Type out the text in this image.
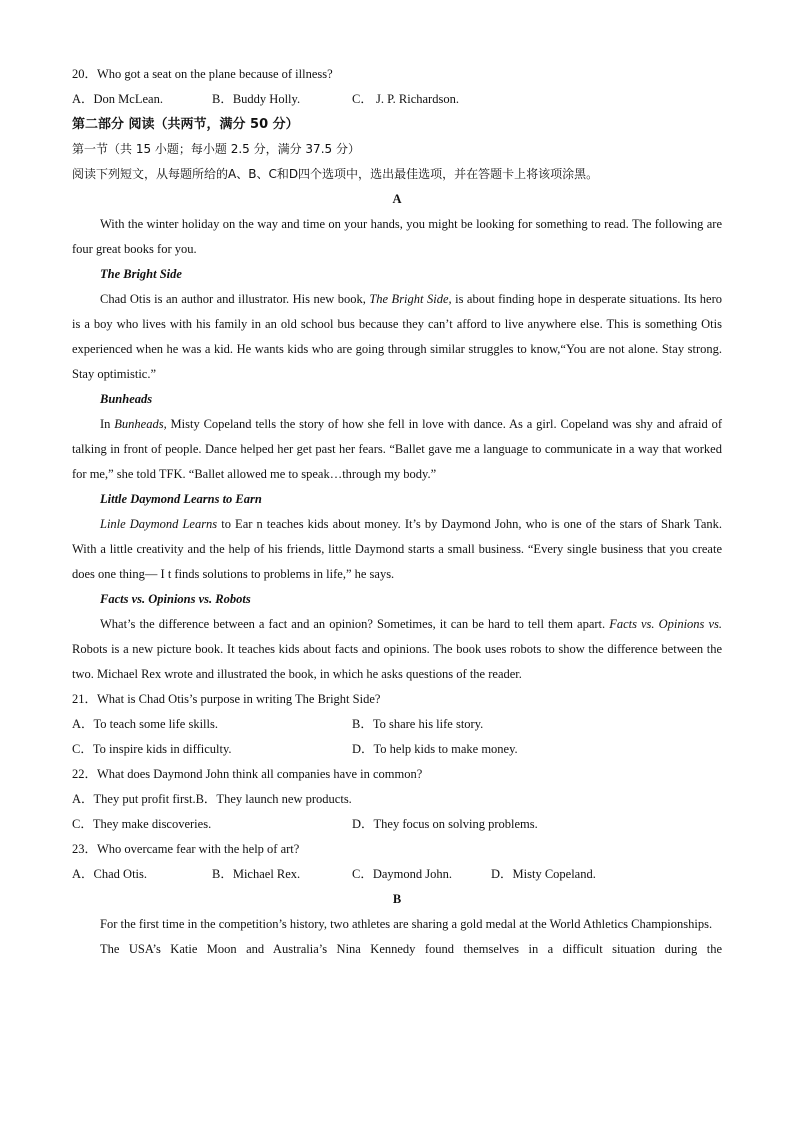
20．Who got a seat on the plane because of illness?

A．Don McLean.	B．Buddy Holly.	C． J. P. Richardson.

第二部分 阅读（共两节，满分 50 分）

第一节（共 15 小题；每小题 2.5 分，满分 37.5 分）

阅读下列短文，从每题所给的A、B、C和D四个选项中，选出最佳选项，并在答题卡上将该项涂黑。

A

With the winter holiday on the way and time on your hands, you might be looking for something to read. The following are four great books for you.

The Bright Side

Chad Otis is an author and illustrator. His new book, The Bright Side, is about finding hope in desperate situations. Its hero is a boy who lives with his family in an old school bus because they can’t afford to live anywhere else. This is something Otis experienced when he was a kid. He wants kids who are going through similar struggles to know,“You are not alone. Stay strong. Stay optimistic.”

Bunheads

In Bunheads, Misty Copeland tells the story of how she fell in love with dance. As a girl. Copeland was shy and afraid of talking in front of people. Dance helped her get past her fears. “Ballet gave me a language to communicate in a way that worked for me,” she told TFK. “Ballet allowed me to speak…through my body.”

Little Daymond Learns to Earn

Linle Daymond Learns to Ear n teaches kids about money. It’s by Daymond John, who is one of the stars of Shark Tank. With a little creativity and the help of his friends, little Daymond starts a small business. “Every single business that you create does one thing— I t finds solutions to problems in life,” he says.

Facts vs. Opinions vs. Robots

What’s the difference between a fact and an opinion? Sometimes, it can be hard to tell them apart. Facts vs. Opinions vs. Robots is a new picture book. It teaches kids about facts and opinions. The book uses robots to show the difference between the two. Michael Rex wrote and illustrated the book, in which he asks questions of the reader.

21．What is Chad Otis’s purpose in writing The Bright Side?

A．To teach some life skills.	B．To share his life story.
C．To inspire kids in difficulty.	D．To help kids to make money.

22．What does Daymond John think all companies have in common?

A．They put profit first.B．They launch new products.

C．They make discoveries.	D．They focus on solving problems.

23．Who overcame fear with the help of art?

A．Chad Otis.	B．Michael Rex.	C．Daymond John.	D．Misty Copeland.

B

For the first time in the competition’s history, two athletes are sharing a gold medal at the World Athletics Championships.

The USA’s Katie Moon and Australia’s Nina Kennedy found themselves in a difficult situation during the
